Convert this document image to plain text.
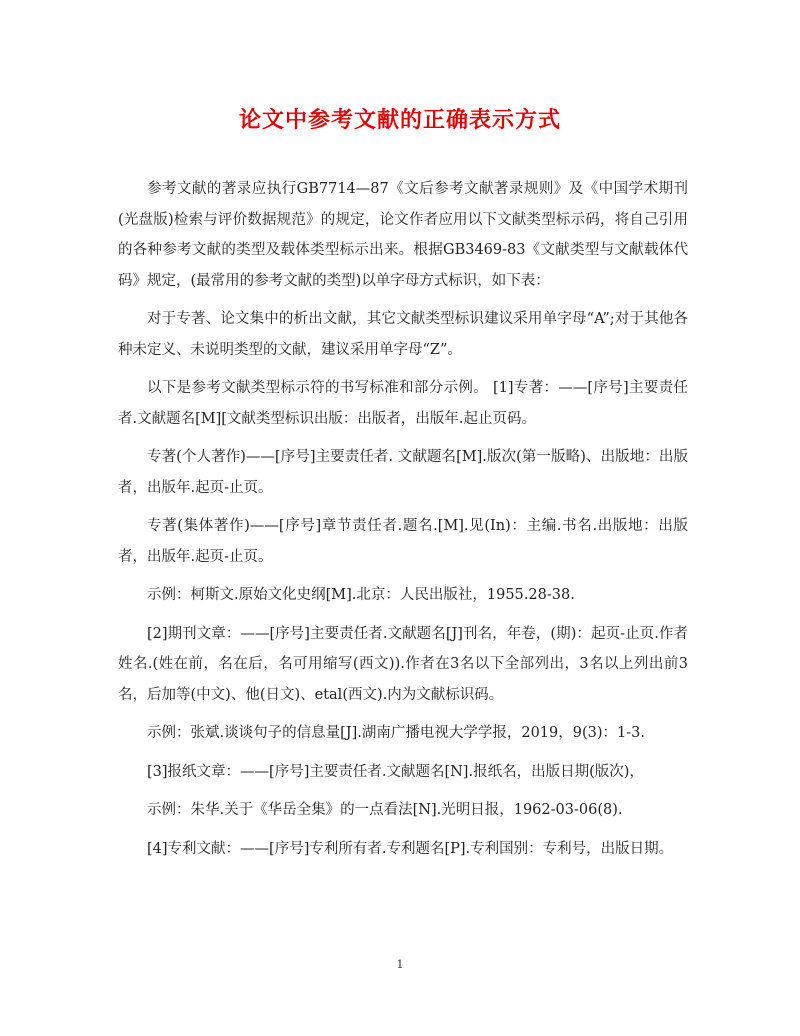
论文中参考文献的正确表示方式

参考文献的著录应执行GB7714—87《文后参考文献著录规则》及《中国学术期刊(光盘版)检索与评价数据规范》的规定，论文作者应用以下文献类型标示码，将自己引用的各种参考文献的类型及载体类型标示出来。根据GB3469-83《文献类型与文献载体代码》规定，(最常用的参考文献的类型)以单字母方式标识，如下表：

对于专著、论文集中的析出文献，其它文献类型标识建议采用单字母“A”;对于其他各种未定义、未说明类型的文献，建议采用单字母“Z”。

以下是参考文献类型标示符的书写标准和部分示例。 [1]专著：——[序号]主要责任者.文献题名[M][文献类型标识出版：出版者，出版年.起止页码。

专著(个人著作)——[序号]主要责任者. 文献题名[M].版次(第一版略)、出版地：出版者，出版年.起页-止页。

专著(集体著作)——[序号]章节责任者.题名.[M].见(In)：主编.书名.出版地：出版者，出版年.起页-止页。

示例：柯斯文.原始文化史纲[M].北京：人民出版社，1955.28-38.

[2]期刊文章：——[序号]主要责任者.文献题名[J]刊名，年卷，(期)：起页-止页.作者姓名.(姓在前，名在后，名可用缩写(西文)).作者在3名以下全部列出，3名以上列出前3名，后加等(中文)、他(日文)、etal(西文).内为文献标识码。

示例：张斌.谈谈句子的信息量[J].湖南广播电视大学学报，2019，9(3)：1-3.

[3]报纸文章：——[序号]主要责任者.文献题名[N].报纸名，出版日期(版次)，

示例：朱华.关于《华岳全集》的一点看法[N].光明日报，1962-03-06(8).

[4]专利文献：——[序号]专利所有者.专利题名[P].专利国别：专利号，出版日期。

1
